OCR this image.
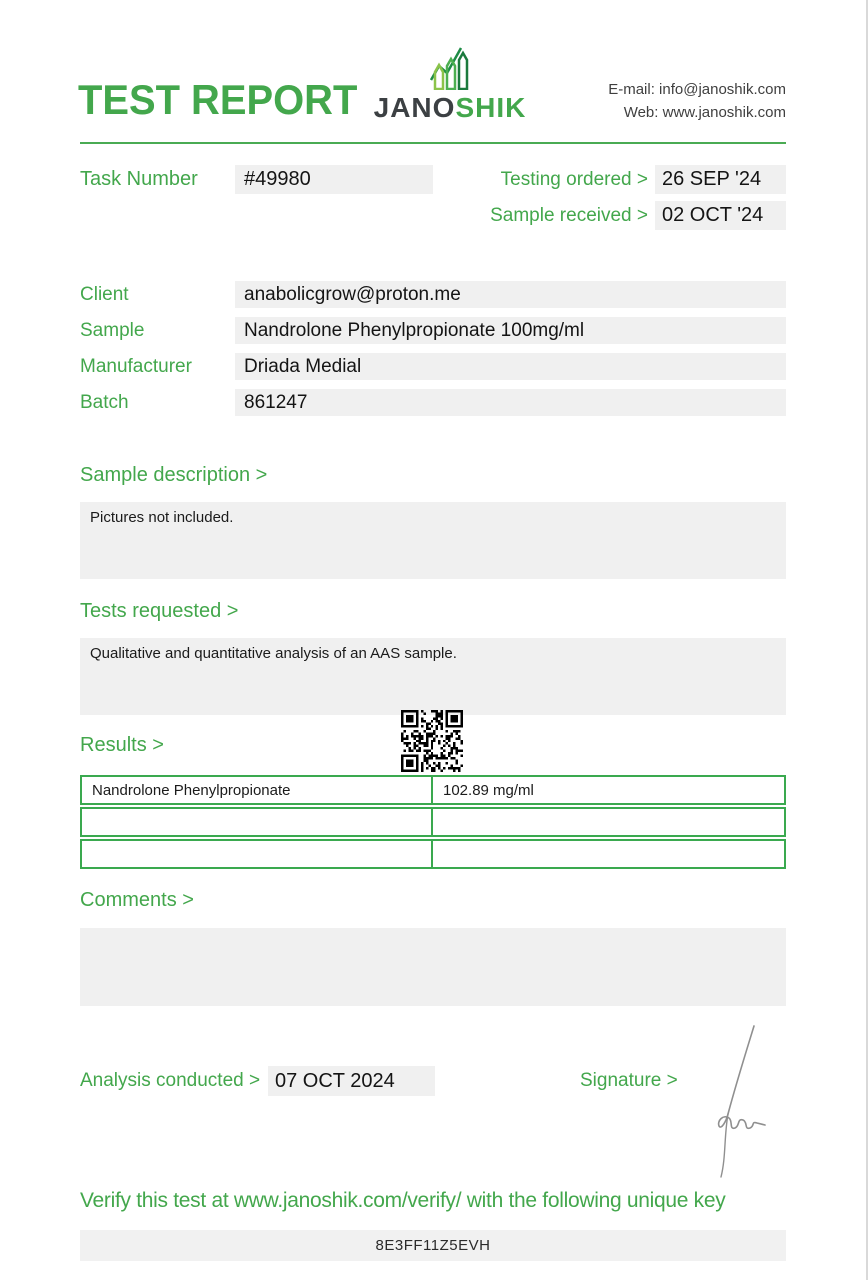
TEST REPORT JANOSHIK
E-mail: info@janoshik.com
Web: www.janoshik.com
Task Number	#49980	Testing ordered > 26 SEP '24
Sample received > 02 OCT '24
Client	anabolicgrow@proton.me
Sample	Nandrolone Phenylpropionate 100mg/ml
Manufacturer	Driada Medial
Batch	861247
Sample description >
Pictures not included.
Tests requested >
Qualitative and quantitative analysis of an AAS sample.
Results >
Nandrolone Phenylpropionate	102.89 mg/ml
Comments >
Analysis conducted > 07 OCT 2024	Signature >
Verify this test at www.janoshik.com/verify/ with the following unique key
8E3FF11Z5EVH
